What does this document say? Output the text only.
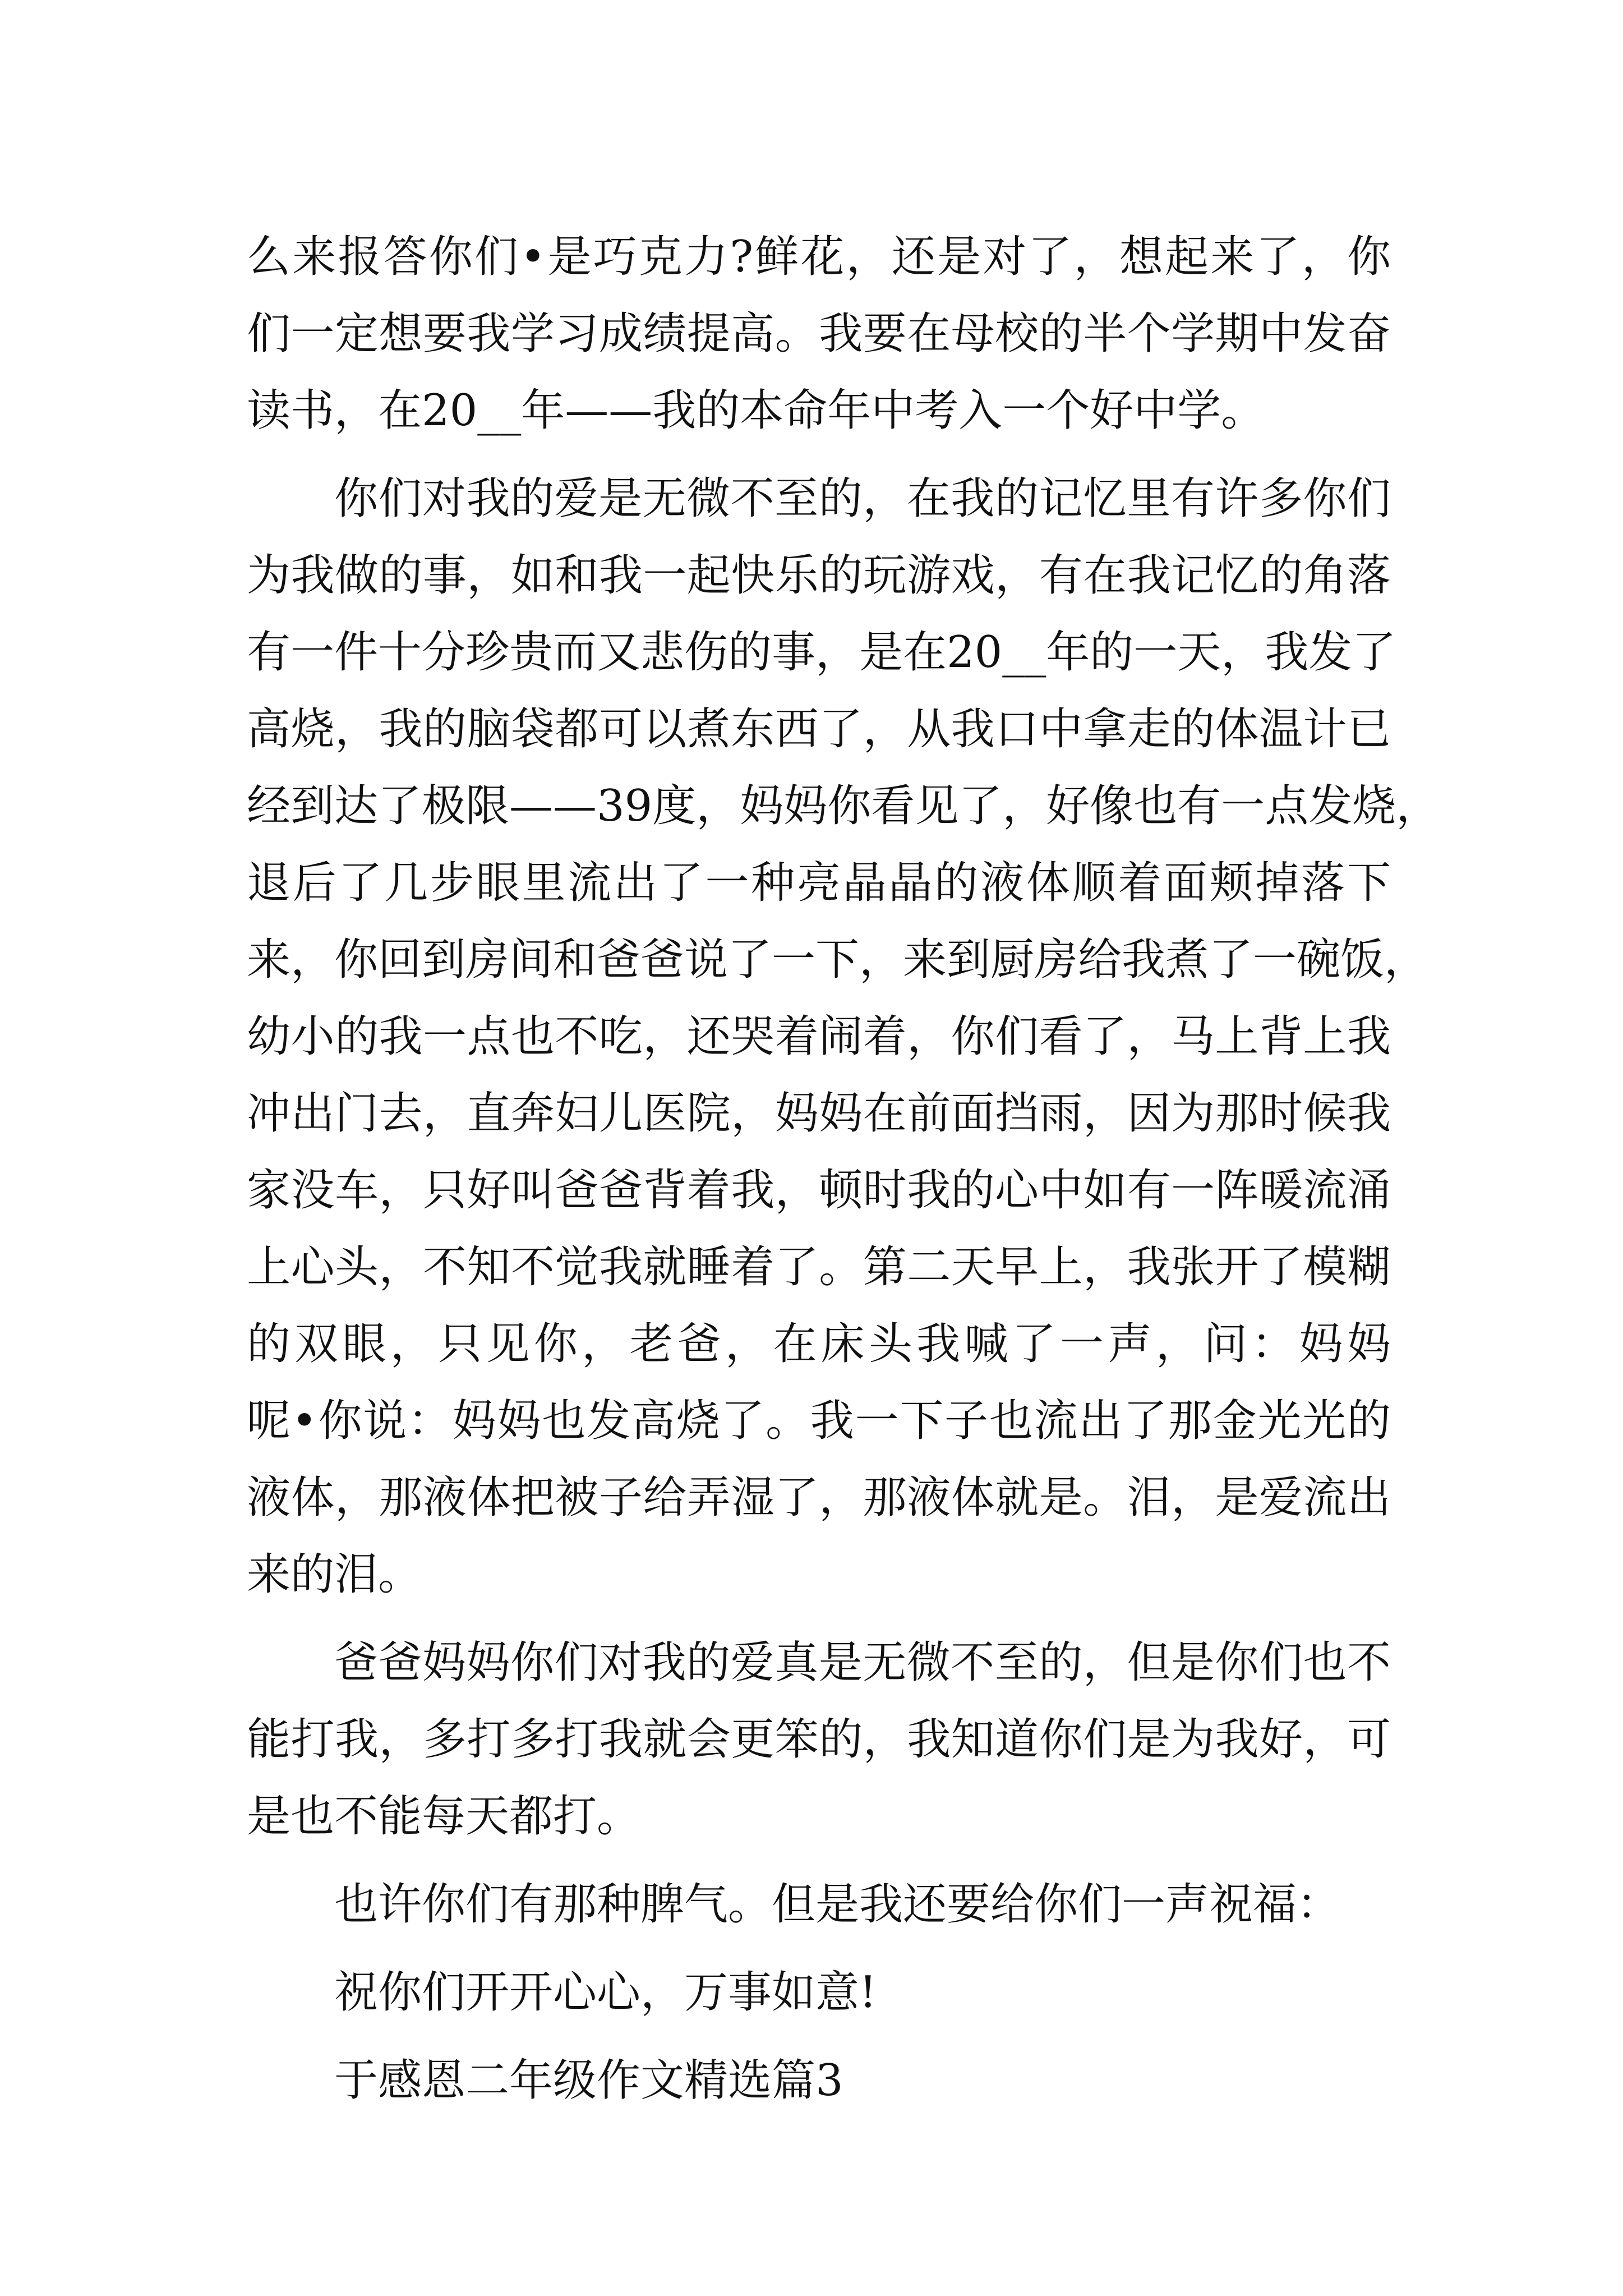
么来报答你们•是巧克力?鲜花，还是对了，想起来了，你
们一定想要我学习成绩提高。我要在母校的半个学期中发奋
读书，在20__年——我的本命年中考入一个好中学。
你们对我的爱是无微不至的，在我的记忆里有许多你们
为我做的事，如和我一起快乐的玩游戏，有在我记忆的角落
有一件十分珍贵而又悲伤的事，是在20__年的一天，我发了
高烧，我的脑袋都可以煮东西了，从我口中拿走的体温计已
经到达了极限——39度，妈妈你看见了，好像也有一点发烧，
退后了几步眼里流出了一种亮晶晶的液体顺着面颊掉落下
来，你回到房间和爸爸说了一下，来到厨房给我煮了一碗饭，
幼小的我一点也不吃，还哭着闹着，你们看了，马上背上我
冲出门去，直奔妇儿医院，妈妈在前面挡雨，因为那时候我
家没车，只好叫爸爸背着我，顿时我的心中如有一阵暖流涌
上心头，不知不觉我就睡着了。第二天早上，我张开了模糊
的双眼，只见你，老爸，在床头我喊了一声，问：妈妈
呢•你说：妈妈也发高烧了。我一下子也流出了那金光光的
液体，那液体把被子给弄湿了，那液体就是。泪，是爱流出
来的泪。
爸爸妈妈你们对我的爱真是无微不至的，但是你们也不
能打我，多打多打我就会更笨的，我知道你们是为我好，可
是也不能每天都打。
也许你们有那种脾气。但是我还要给你们一声祝福：
祝你们开开心心，万事如意!
于感恩二年级作文精选篇3
